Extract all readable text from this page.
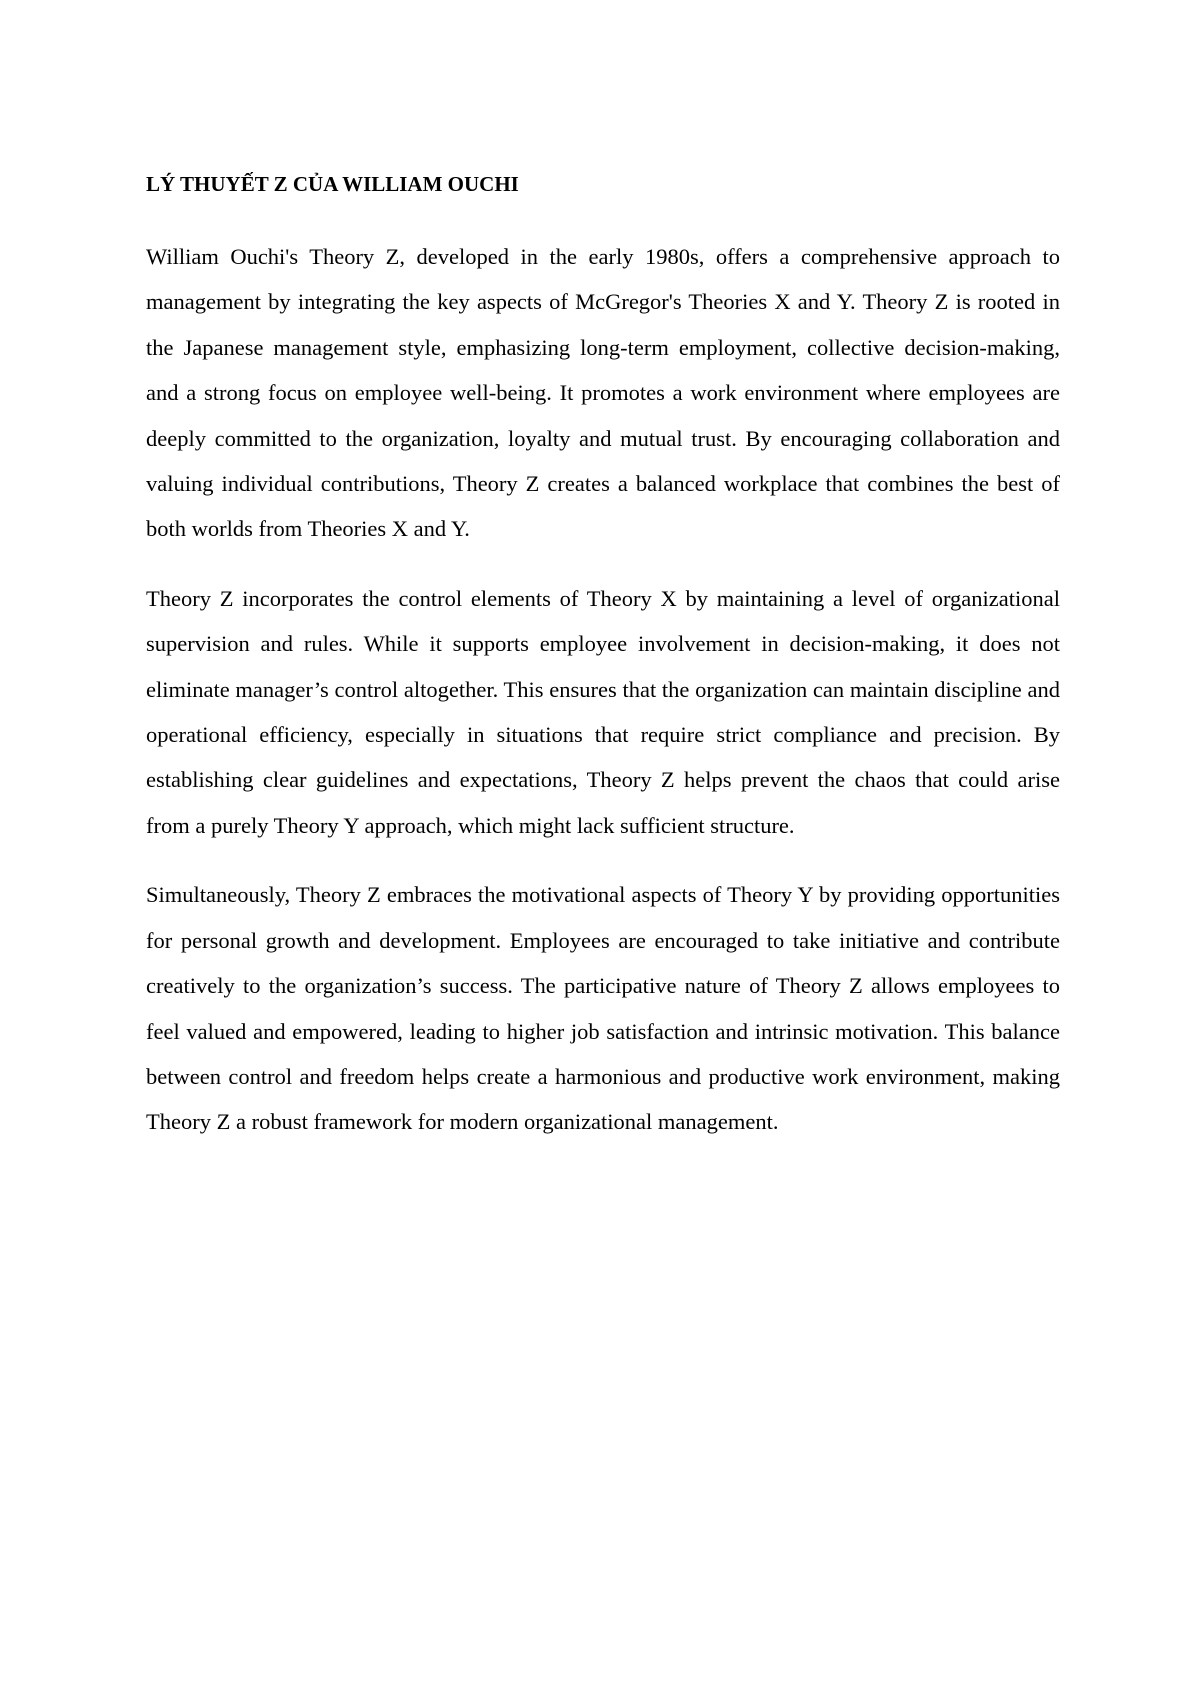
LÝ THUYẾT Z CỦA WILLIAM OUCHI

William Ouchi's Theory Z, developed in the early 1980s, offers a comprehensive approach to management by integrating the key aspects of McGregor's Theories X and Y. Theory Z is rooted in the Japanese management style, emphasizing long-term employment, collective decision-making, and a strong focus on employee well-being. It promotes a work environment where employees are deeply committed to the organization, loyalty and mutual trust. By encouraging collaboration and valuing individual contributions, Theory Z creates a balanced workplace that combines the best of both worlds from Theories X and Y.

Theory Z incorporates the control elements of Theory X by maintaining a level of organizational supervision and rules. While it supports employee involvement in decision-making, it does not eliminate manager’s control altogether. This ensures that the organization can maintain discipline and operational efficiency, especially in situations that require strict compliance and precision. By establishing clear guidelines and expectations, Theory Z helps prevent the chaos that could arise from a purely Theory Y approach, which might lack sufficient structure.

Simultaneously, Theory Z embraces the motivational aspects of Theory Y by providing opportunities for personal growth and development. Employees are encouraged to take initiative and contribute creatively to the organization’s success. The participative nature of Theory Z allows employees to feel valued and empowered, leading to higher job satisfaction and intrinsic motivation. This balance between control and freedom helps create a harmonious and productive work environment, making Theory Z a robust framework for modern organizational management.
